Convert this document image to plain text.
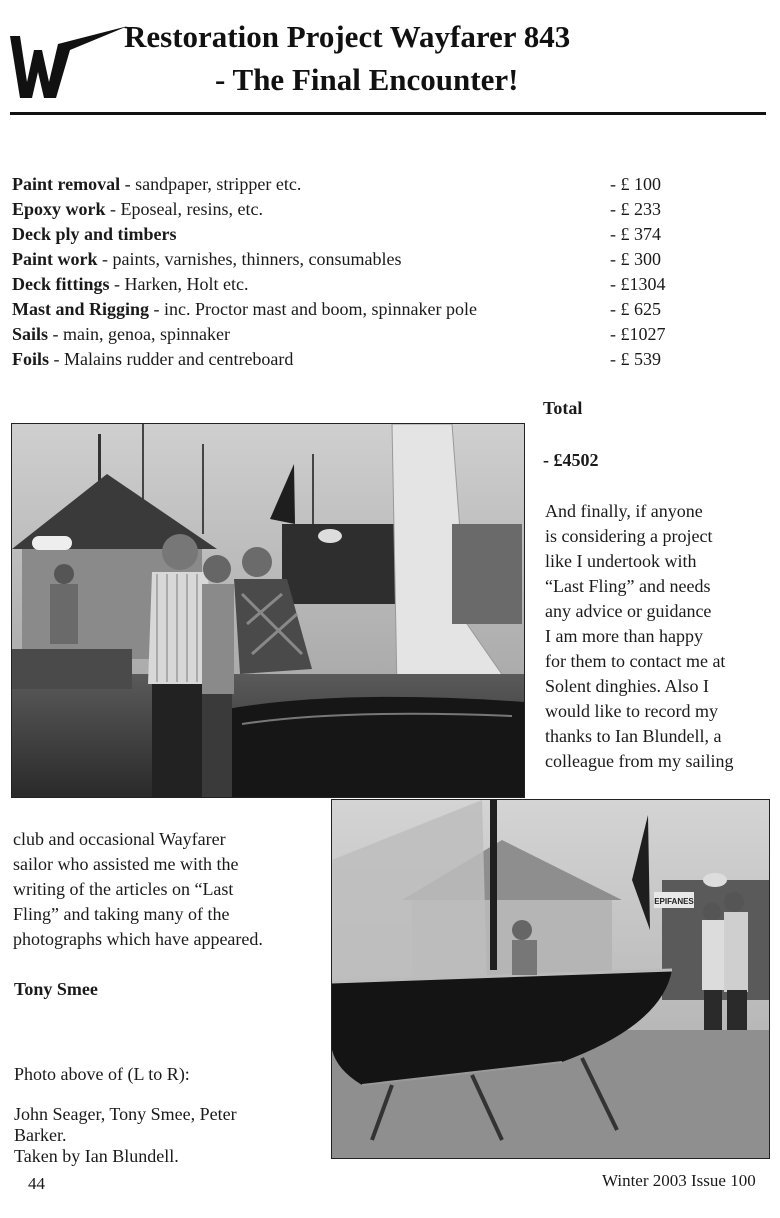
Restoration Project Wayfarer 843
- The Final Encounter!
Paint removal - sandpaper, stripper etc.	- £ 100
Epoxy work - Eposeal, resins, etc.	- £ 233
Deck ply and timbers	- £ 374
Paint work - paints, varnishes, thinners, consumables	- £ 300
Deck fittings - Harken, Holt etc.	- £1304
Mast and Rigging - inc. Proctor mast and boom, spinnaker pole	- £ 625
Sails - main, genoa, spinnaker	- £1027
Foils - Malains rudder and centreboard	- £ 539
Total
- £4502
And finally, if anyone
is considering a project
like I undertook with
“Last Fling” and needs
any advice or guidance
I am more than happy
for them to contact me at
Solent dinghies. Also I
would like to record my
thanks to Ian Blundell, a
colleague from my sailing
club and occasional Wayfarer
sailor who assisted me with the
writing of the articles on “Last
Fling” and taking many of the
photographs which have appeared.
Tony Smee
Photo above of (L to R):
John Seager, Tony Smee, Peter
Barker.
Taken by Ian Blundell.
EPIFANES
44	Winter 2003 Issue 100
